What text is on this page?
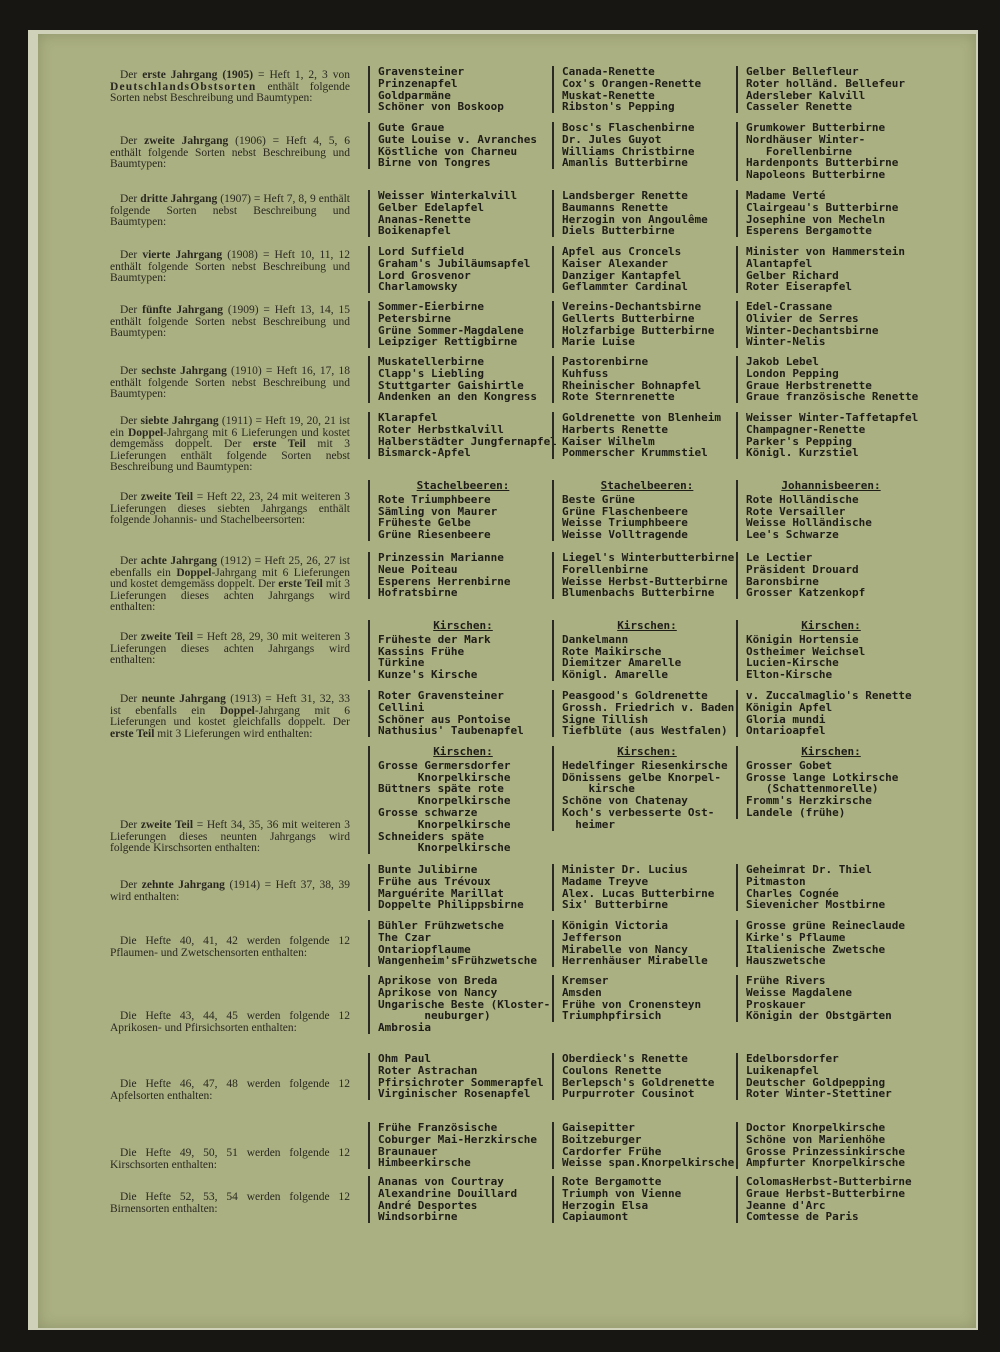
Der erste Jahrgang (1905) = Heft 1, 2, 3 von DeutschlandsObstsorten enthält folgende Sorten nebst Beschreibung und Baumtypen:
Gravensteiner
Prinzenapfel
Goldparmäne
Schöner von Boskoop
Canada-Renette
Cox's Orangen-Renette
Muskat-Renette
Ribston's Pepping
Gelber Bellefleur
Roter holländ. Bellefeur
Adersleber Kalvill
Casseler Renette
Der zweite Jahrgang (1906) = Heft 4, 5, 6 enthält folgende Sorten nebst Beschreibung und Baumtypen:
Gute Graue
Gute Louise v. Avranches
Köstliche von Charneu
Birne von Tongres
Bosc's Flaschenbirne
Dr. Jules Guyot
Williams Christbirne
Amanlis Butterbirne
Grumkower Butterbirne
Nordhäuser Winter-
Forellenbirne
Hardenponts Butterbirne
Napoleons Butterbirne
Der dritte Jahrgang (1907) = Heft 7, 8, 9 enthält folgende Sorten nebst Beschreibung und Baumtypen:
Weisser Winterkalvill
Gelber Edelapfel
Ananas-Renette
Boikenapfel
Landsberger Renette
Baumanns Renette
Herzogin von Angoulême
Diels Butterbirne
Madame Verté
Clairgeau's Butterbirne
Josephine von Mecheln
Esperens Bergamotte
Der vierte Jahrgang (1908) = Heft 10, 11, 12 enthält folgende Sorten nebst Beschreibung und Baumtypen:
Lord Suffield
Graham's Jubiläumsapfel
Lord Grosvenor
Charlamowsky
Apfel aus Croncels
Kaiser Alexander
Danziger Kantapfel
Geflammter Cardinal
Minister von Hammerstein
Alantapfel
Gelber Richard
Roter Eiserapfel
Der fünfte Jahrgang (1909) = Heft 13, 14, 15 enthält folgende Sorten nebst Beschreibung und Baumtypen:
Sommer-Eierbirne
Petersbirne
Grüne Sommer-Magdalene
Leipziger Rettigbirne
Vereins-Dechantsbirne
Gellerts Butterbirne
Holzfarbige Butterbirne
Marie Luise
Edel-Crassane
Olivier de Serres
Winter-Dechantsbirne
Winter-Nelis
Der sechste Jahrgang (1910) = Heft 16, 17, 18 enthält folgende Sorten nebst Beschreibung und Baumtypen:
Muskatellerbirne
Clapp's Liebling
Stuttgarter Gaishirtle
Andenken an den Kongress
Pastorenbirne
Kuhfuss
Rheinischer Bohnapfel
Rote Sternrenette
Jakob Lebel
London Pepping
Graue Herbstrenette
Graue französische Renette
Der siebte Jahrgang (1911) = Heft 19, 20, 21 ist ein Doppel-Jahrgang mit 6 Lieferungen und kostet demgemäss doppelt. Der erste Teil mit 3 Lieferungen enthält folgende Sorten nebst Beschreibung und Baumtypen:
Klarapfel
Roter Herbstkalvill
Halberstädter Jungfernapfel
Bismarck-Apfel
Goldrenette von Blenheim
Harberts Renette
Kaiser Wilhelm
Pommerscher Krummstiel
Weisser Winter-Taffetapfel
Champagner-Renette
Parker's Pepping
Königl. Kurzstiel
Der zweite Teil = Heft 22, 23, 24 mit weiteren 3 Lieferungen dieses siebten Jahrgangs enthält folgende Johannis- und Stachelbeersorten:
Stachelbeeren:
Rote Triumphbeere
Sämling von Maurer
Früheste Gelbe
Grüne Riesenbeere
Stachelbeeren:
Beste Grüne
Grüne Flaschenbeere
Weisse Triumphbeere
Weisse Volltragende
Johannisbeeren:
Rote Holländische
Rote Versailler
Weisse Holländische
Lee's Schwarze
Der achte Jahrgang (1912) = Heft 25, 26, 27 ist ebenfalls ein Doppel-Jahrgang mit 6 Lieferungen und kostet demgemäss doppelt. Der erste Teil mit 3 Lieferungen dieses achten Jahrgangs wird enthalten:
Prinzessin Marianne
Neue Poiteau
Esperens Herrenbirne
Hofratsbirne
Liegel's Winterbutterbirne
Forellenbirne
Weisse Herbst-Butterbirne
Blumenbachs Butterbirne
Le Lectier
Präsident Drouard
Baronsbirne
Grosser Katzenkopf
Der zweite Teil = Heft 28, 29, 30 mit weiteren 3 Lieferungen dieses achten Jahrgangs wird enthalten:
Kirschen:
Früheste der Mark
Kassins Frühe
Türkine
Kunze's Kirsche
Kirschen:
Dankelmann
Rote Maikirsche
Diemitzer Amarelle
Königl. Amarelle
Kirschen:
Königin Hortensie
Ostheimer Weichsel
Lucien-Kirsche
Elton-Kirsche
Der neunte Jahrgang (1913) = Heft 31, 32, 33 ist ebenfalls ein Doppel-Jahrgang mit 6 Lieferungen und kostet gleichfalls doppelt. Der erste Teil mit 3 Lieferungen wird enthalten:
Roter Gravensteiner
Cellini
Schöner aus Pontoise
Nathusius' Taubenapfel
Peasgood's Goldrenette
Grossh. Friedrich v. Baden
Signe Tillish
Tiefblüte (aus Westfalen)
v. Zuccalmaglio's Renette
Königin Apfel
Gloria mundi
Ontarioapfel
Der zweite Teil = Heft 34, 35, 36 mit weiteren 3 Lieferungen dieses neunten Jahrgangs wird folgende Kirschsorten enthalten:
Kirschen:
Grosse Germersdorfer
Knorpelkirsche
Büttners späte rote
Knorpelkirsche
Grosse schwarze
Knorpelkirsche
Schneiders späte
Knorpelkirsche
Kirschen:
Hedelfinger Riesenkirsche
Dönissens gelbe Knorpel-
kirsche
Schöne von Chatenay
Koch's verbesserte Ost-
heimer
Kirschen:
Grosser Gobet
Grosse lange Lotkirsche
(Schattenmorelle)
Fromm's Herzkirsche
Landele (frühe)
Der zehnte Jahrgang (1914) = Heft 37, 38, 39 wird enthalten:
Bunte Julibirne
Frühe aus Trévoux
Marguérite Marillat
Doppelte Philippsbirne
Minister Dr. Lucius
Madame Treyve
Alex. Lucas Butterbirne
Six' Butterbirne
Geheimrat Dr. Thiel
Pitmaston
Charles Cognée
Sievenicher Mostbirne
Die Hefte 40, 41, 42 werden folgende 12 Pflaumen- und Zwetschensorten enthalten:
Bühler Frühzwetsche
The Czar
Ontariopflaume
Wangenheim'sFrühzwetsche
Königin Victoria
Jefferson
Mirabelle von Nancy
Herrenhäuser Mirabelle
Grosse grüne Reineclaude
Kirke's Pflaume
Italienische Zwetsche
Hauszwetsche
Die Hefte 43, 44, 45 werden folgende 12 Aprikosen- und Pfirsichsorten enthalten:
Aprikose von Breda
Aprikose von Nancy
Ungarische Beste (Kloster-
neuburger)
Ambrosia
Kremser
Amsden
Frühe von Cronensteyn
Triumphpfirsich
Frühe Rivers
Weisse Magdalene
Proskauer
Königin der Obstgärten
Die Hefte 46, 47, 48 werden folgende 12 Apfelsorten enthalten:
Ohm Paul
Roter Astrachan
Pfirsichroter Sommerapfel
Virginischer Rosenapfel
Oberdieck's Renette
Coulons Renette
Berlepsch's Goldrenette
Purpurroter Cousinot
Edelborsdorfer
Luikenapfel
Deutscher Goldpepping
Roter Winter-Stettiner
Die Hefte 49, 50, 51 werden folgende 12 Kirschsorten enthalten:
Frühe Französische
Coburger Mai-Herzkirsche
Braunauer
Himbeerkirsche
Gaisepitter
Boitzeburger
Cardorfer Frühe
Weisse span.Knorpelkirsche
Doctor Knorpelkirsche
Schöne von Marienhöhe
Grosse Prinzessinkirsche
Ampfurter Knorpelkirsche
Die Hefte 52, 53, 54 werden folgende 12 Birnensorten enthalten:
Ananas von Courtray
Alexandrine Douillard
André Desportes
Windsorbirne
Rote Bergamotte
Triumph von Vienne
Herzogin Elsa
Capiaumont
ColomasHerbst-Butterbirne
Graue Herbst-Butterbirne
Jeanne d'Arc
Comtesse de Paris
